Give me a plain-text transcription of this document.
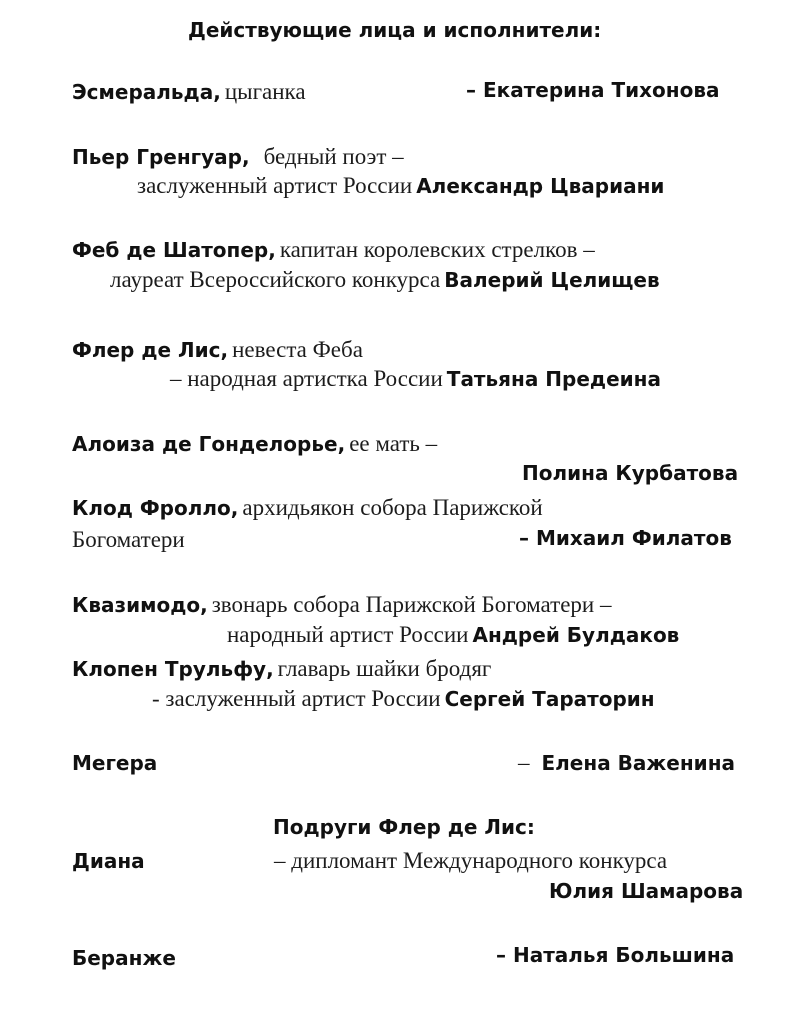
Действующие лица и исполнители:
Эсмеральда, цыганка	– Екатерина Тихонова
Пьер Гренгуар, бедный поэт –
заслуженный артист России Александр Цвариани
Феб де Шатопер, капитан королевских стрелков –
лауреат Всероссийского конкурса Валерий Целищев
Флер де Лис, невеста Феба
– народная артистка России Татьяна Предеина
Алоиза де Гонделорье, ее мать –
Полина Курбатова
Клод Фролло, архидьякон собора Парижской
Богоматери	– Михаил Филатов
Квазимодо, звонарь собора Парижской Богоматери –
народный артист России Андрей Булдаков
Клопен Трульфу, главарь шайки бродяг
- заслуженный артист России Сергей Тараторин
Мегера	– Елена Важенина
Подруги Флер де Лис:
Диана	– дипломант Международного конкурса
Юлия Шамарова
Беранже	– Наталья Большина
